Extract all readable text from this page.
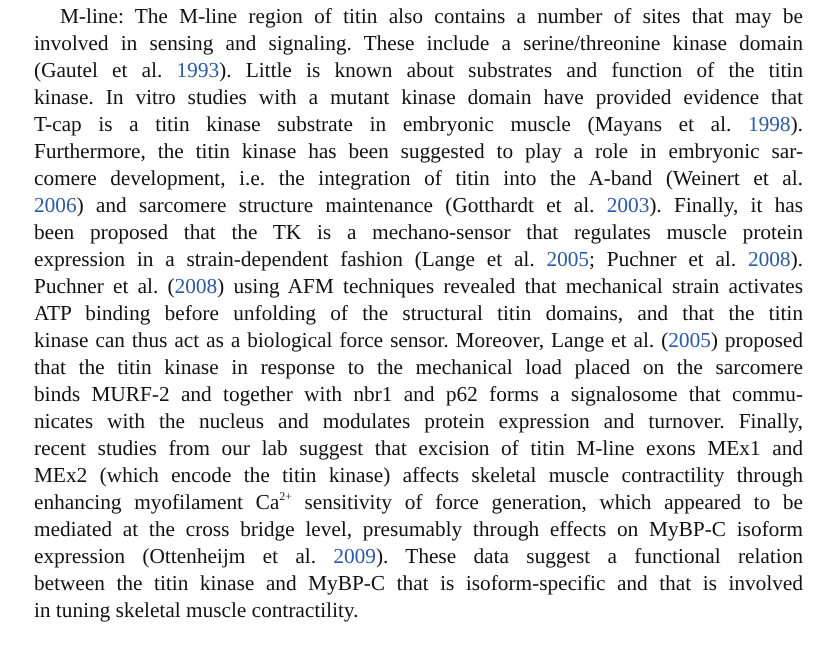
M-line: The M-line region of titin also contains a number of sites that may be
involved in sensing and signaling. These include a serine/threonine kinase domain
(Gautel et al. 1993). Little is known about substrates and function of the titin
kinase. In vitro studies with a mutant kinase domain have provided evidence that
T-cap is a titin kinase substrate in embryonic muscle (Mayans et al. 1998).
Furthermore, the titin kinase has been suggested to play a role in embryonic sar-
comere development, i.e. the integration of titin into the A-band (Weinert et al.
2006) and sarcomere structure maintenance (Gotthardt et al. 2003). Finally, it has
been proposed that the TK is a mechano-sensor that regulates muscle protein
expression in a strain-dependent fashion (Lange et al. 2005; Puchner et al. 2008).
Puchner et al. (2008) using AFM techniques revealed that mechanical strain activates
ATP binding before unfolding of the structural titin domains, and that the titin
kinase can thus act as a biological force sensor. Moreover, Lange et al. (2005) proposed
that the titin kinase in response to the mechanical load placed on the sarcomere
binds MURF-2 and together with nbr1 and p62 forms a signalosome that commu-
nicates with the nucleus and modulates protein expression and turnover. Finally,
recent studies from our lab suggest that excision of titin M-line exons MEx1 and
MEx2 (which encode the titin kinase) affects skeletal muscle contractility through
enhancing myofilament $Ca^{2+}$ sensitivity of force generation, which appeared to be
mediated at the cross bridge level, presumably through effects on MyBP-C isoform
expression (Ottenheijm et al. 2009). These data suggest a functional relation
between the titin kinase and MyBP-C that is isoform-specific and that is involved
in tuning skeletal muscle contractility.
